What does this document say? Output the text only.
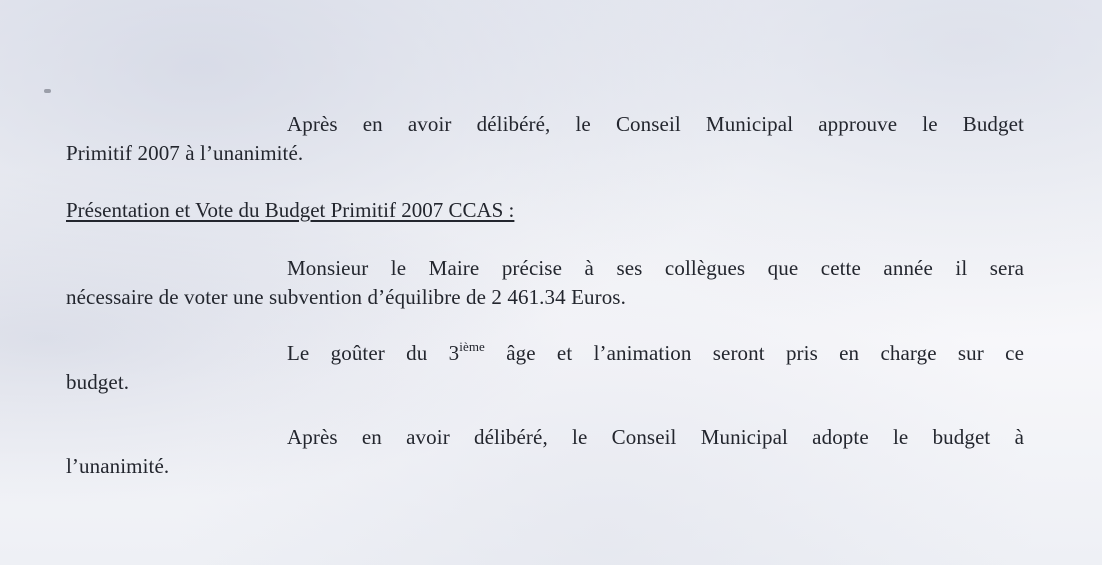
Après en avoir délibéré, le Conseil Municipal approuve le Budget
Primitif 2007 à l’unanimité.
Présentation et Vote du Budget Primitif 2007 CCAS :
Monsieur le Maire précise à ses collègues que cette année il sera
nécessaire de voter une subvention d’équilibre de 2 461.34 Euros.
Le goûter du 3ième âge et l’animation seront pris en charge sur ce
budget.
Après en avoir délibéré, le Conseil Municipal adopte le budget à
l’unanimité.
